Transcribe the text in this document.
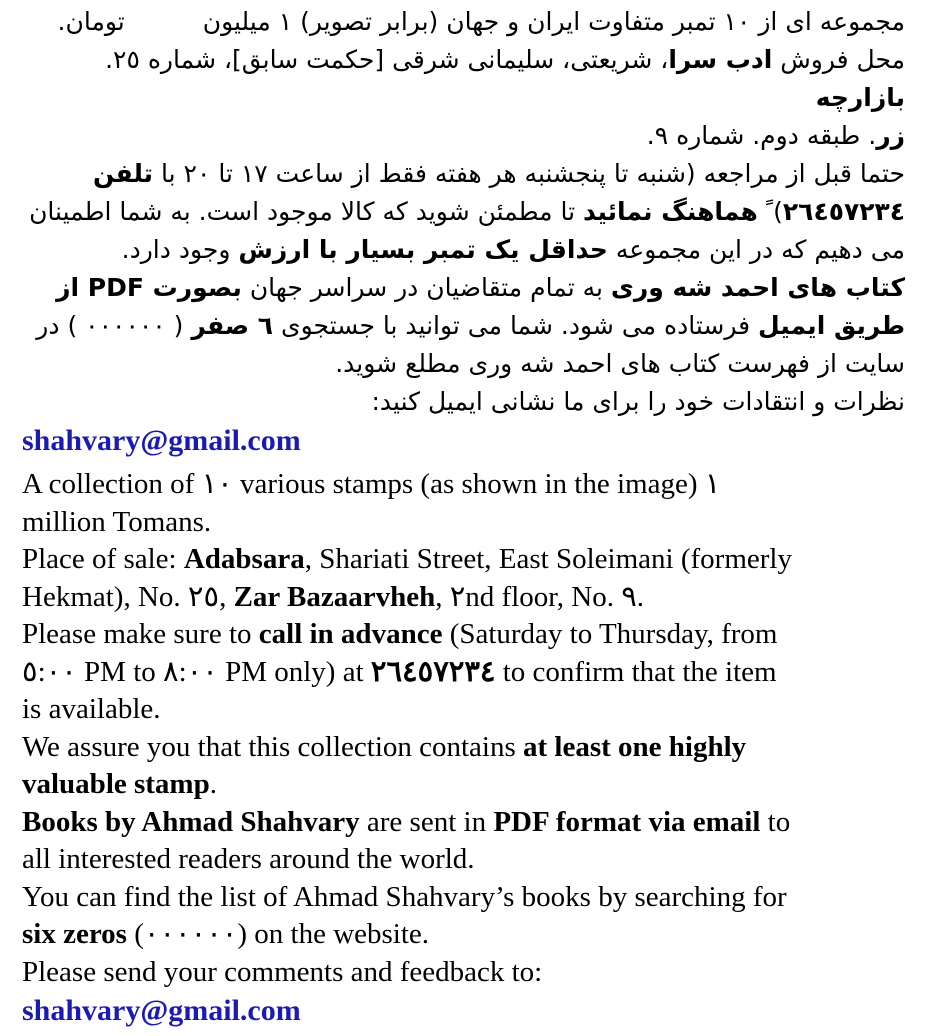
مجموعه ای از ١٠ تمبر متفاوت ایران و جهان (برابر تصویر) ١ میلیونتومان.
محل فروش ادب سرا، شریعتی، سلیمانی شرقی [حکمت سابق]، شماره ٢٥. بازارچه
زر. طبقه دوم. شماره ٩.
حتما قبل از مراجعه (شنبه تا پنجشنبه هر هفته فقط از ساعت ١٧ تا ٢٠ با تلفن
٢٦٤٥٧٢٣٤) ً هماهنگ نمائید تا مطمئن شوید که کالا موجود است. به شما اطمینان
می دهیم که در این مجموعه حداقل یک تمبر بسیار با ارزش وجود دارد.
کتاب های احمد شه وری به تمام متقاضیان در سراسر جهان بصورت PDF از
طریق ایمیل فرستاده می شود. شما می توانید با جستجوی ٦ صفر ( ٠٠٠٠٠٠ ) در
سایت از فهرست کتاب های احمد شه وری مطلع شوید.
نظرات و انتقادات خود را برای ما نشانی ایمیل کنید:
shahvary@gmail.com
A collection of ١٠ various stamps (as shown in the image) ١
million Tomans.
Place of sale: Adabsara, Shariati Street, East Soleimani (formerly
Hekmat), No. ٢٥, Zar Bazaarvheh, ٢nd floor, No. ٩.
Please make sure to call in advance (Saturday to Thursday, from
٥:٠٠ PM to ٨:٠٠ PM only) at ٢٦٤٥٧٢٣٤ to confirm that the item
is available.
We assure you that this collection contains at least one highly
valuable stamp.
Books by Ahmad Shahvary are sent in PDF format via email to
all interested readers around the world.
You can find the list of Ahmad Shahvary’s books by searching for
six zeros (٠٠٠٠٠٠) on the website.
Please send your comments and feedback to:
shahvary@gmail.com
